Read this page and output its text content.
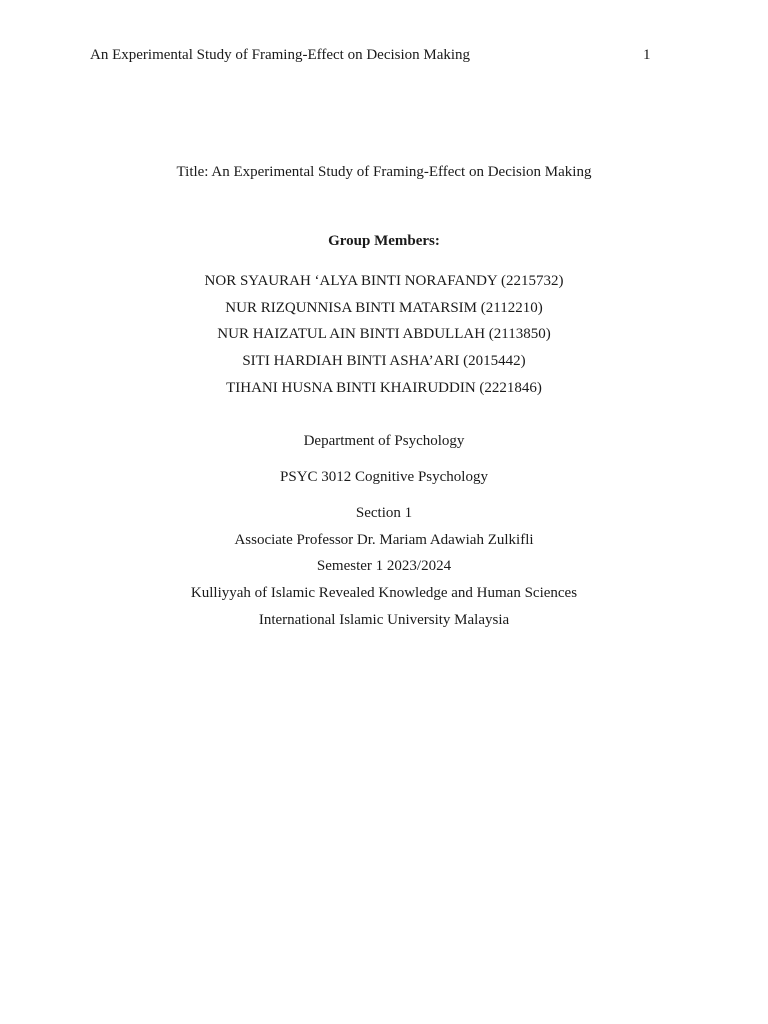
An Experimental Study of Framing-Effect on Decision Making	1
Title: An Experimental Study of Framing-Effect on Decision Making
Group Members:
NOR SYAURAH ‘ALYA BINTI NORAFANDY (2215732)
NUR RIZQUNNISA BINTI MATARSIM (2112210)
NUR HAIZATUL AIN BINTI ABDULLAH (2113850)
SITI HARDIAH BINTI ASHA’ARI (2015442)
TIHANI HUSNA BINTI KHAIRUDDIN (2221846)
Department of Psychology
PSYC 3012 Cognitive Psychology
Section 1
Associate Professor Dr. Mariam Adawiah Zulkifli
Semester 1 2023/2024
Kulliyyah of Islamic Revealed Knowledge and Human Sciences
International Islamic University Malaysia
